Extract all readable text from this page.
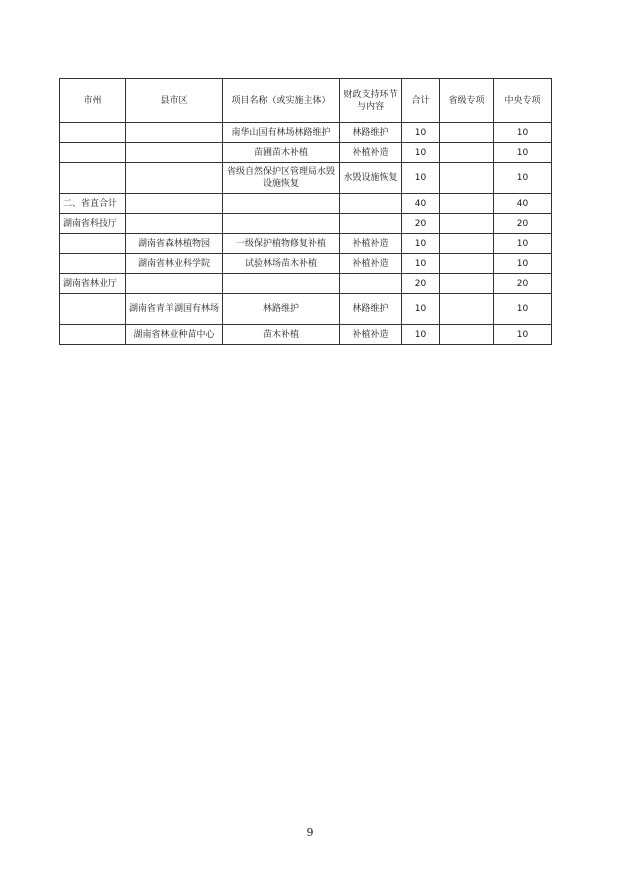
市州	县市区	项目名称（或实施主体）	财政支持环节与内容	合计	省级专项	中央专项
		南华山国有林场林路维护	林路维护	10		10
		苗圃苗木补植	补植补造	10		10
		省级自然保护区管理局水毁设施恢复	水毁设施恢复	10		10
二、省直合计				40		40
湖南省科技厅				20		20
	湖南省森林植物园	一级保护植物修复补植	补植补造	10		10
	湖南省林业科学院	试验林场苗木补植	补植补造	10		10
湖南省林业厅				20		20
	湖南省青羊湖国有林场	林路维护	林路维护	10		10
	湖南省林业种苗中心	苗木补植	补植补造	10		10
9
